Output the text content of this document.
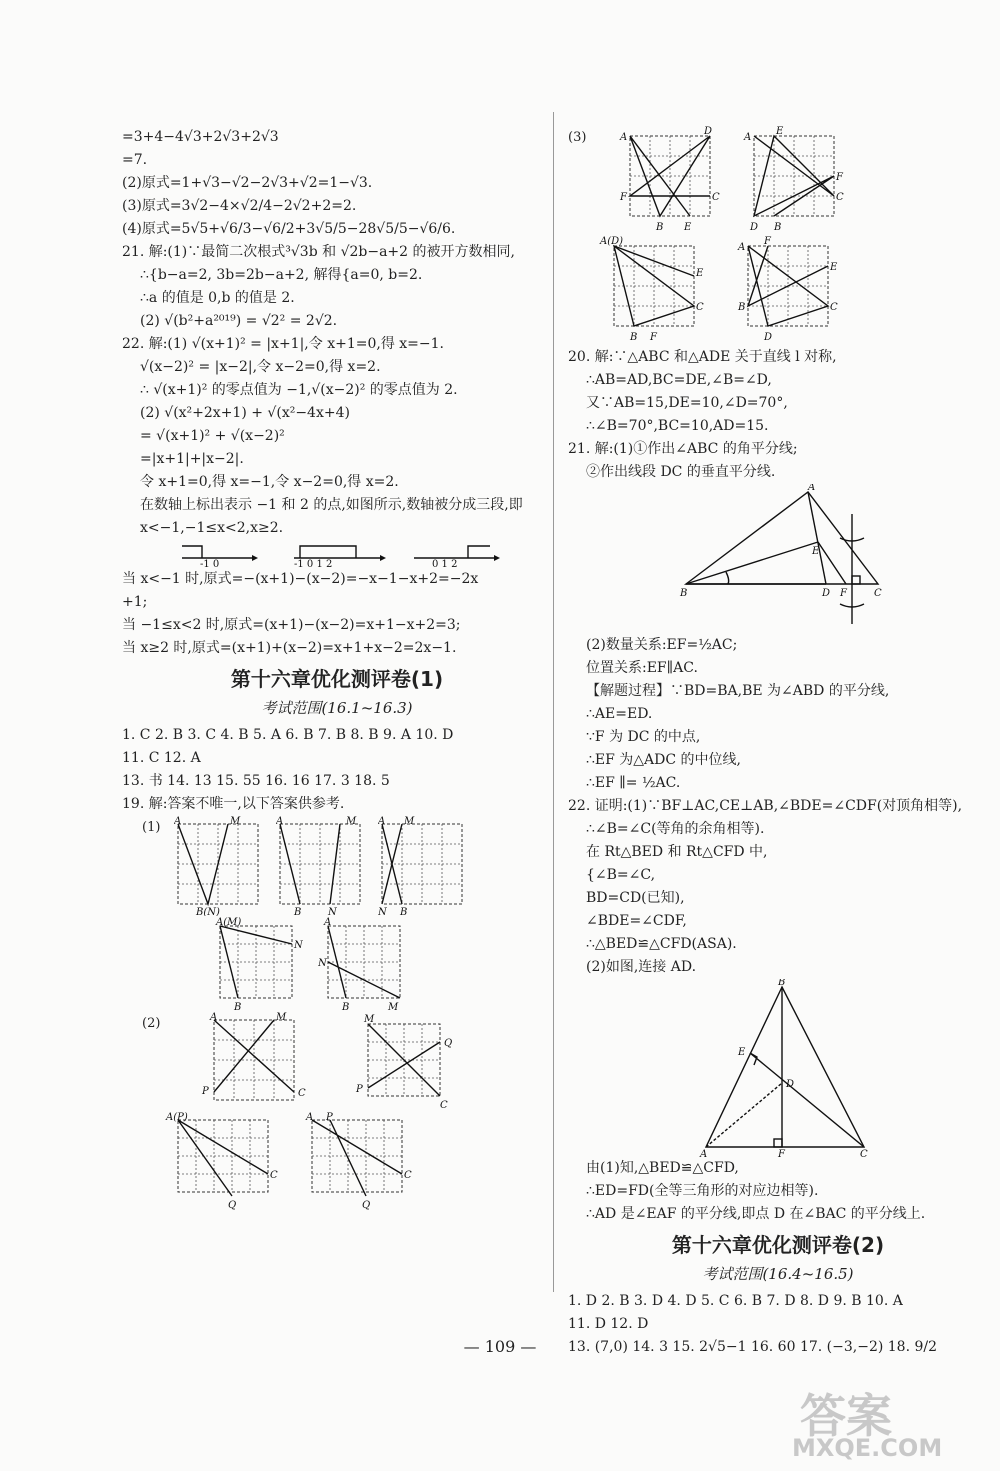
=3+4−4√3+2√3+2√3
=7.
(2)原式=1+√3−√2−2√3+√2=1−√3.
(3)原式=3√2−4×√2/4−2√2+2=2.
(4)原式=5√5+√6/3−√6/2+3√5/5−28√5/5−√6/6.
21. 解:(1)∵最简二次根式³√3b 和 √2b−a+2 的被开方数相同,
∴{b−a=2, 3b=2b−a+2, 解得{a=0, b=2.
∴a 的值是 0,b 的值是 2.
(2) √(b²+a²⁰¹⁹) = √2² = 2√2.
22. 解:(1) √(x+1)² = |x+1|,令 x+1=0,得 x=−1.
√(x−2)² = |x−2|,令 x−2=0,得 x=2.
∴ √(x+1)² 的零点值为 −1,√(x−2)² 的零点值为 2.
(2) √(x²+2x+1) + √(x²−4x+4)
= √(x+1)² + √(x−2)²
=|x+1|+|x−2|.
令 x+1=0,得 x=−1,令 x−2=0,得 x=2.
在数轴上标出表示 −1 和 2 的点,如图所示,数轴被分成三段,即
x<−1,−1≤x<2,x≥2.
-1 0	-1 0 1 2	0 1 2
当 x<−1 时,原式=−(x+1)−(x−2)=−x−1−x+2=−2x
+1;
当 −1≤x<2 时,原式=(x+1)−(x−2)=x+1−x+2=3;
当 x≥2 时,原式=(x+1)+(x−2)=x+1+x−2=2x−1.
第十六章优化测评卷(1)
考试范围(16.1~16.3)
1. C 2. B 3. C 4. B 5. A 6. B 7. B 8. B 9. A 10. D
11. C 12. A
13. 书 14. 13 15. 55 16. 16 17. 3 18. 5
19. 解:答案不唯一,以下答案供参考.
(1) A	M
B(N)
A	M
B	N
A M
N B
A(M)
N
B
A
N
B	M
(2)	A	M
P	C
M
Q
P
C
A(P)
C
Q
A P
C
Q
(3)	A
D
F	C
B E
A
E
F
C
D B
A(D)
E
C
B F
A
F
E
C
B
D
20. 解:∵△ABC 和△ADE 关于直线 l 对称,
∴AB=AD,BC=DE,∠B=∠D,
又∵AB=15,DE=10,∠D=70°,
∴∠B=70°,BC=10,AD=15.
21. 解:(1)①作出∠ABC 的角平分线;
②作出线段 DC 的垂直平分线.
A
B	D F	C
E
(2)数量关系:EF=½AC;
位置关系:EF∥AC.
【解题过程】∵BD=BA,BE 为∠ABD 的平分线,
∴AE=ED.
∵F 为 DC 的中点,
∴EF 为△ADC 的中位线,
∴EF ∥= ½AC.
22. 证明:(1)∵BF⊥AC,CE⊥AB,∠BDE=∠CDF(对顶角相等),
∴∠B=∠C(等角的余角相等).
在 Rt△BED 和 Rt△CFD 中,
{∠B=∠C,
BD=CD(已知),
∠BDE=∠CDF,
∴△BED≌△CFD(ASA).
(2)如图,连接 AD.
B
E
D
A	F	C
由(1)知,△BED≌△CFD,
∴ED=FD(全等三角形的对应边相等).
∴AD 是∠EAF 的平分线,即点 D 在∠BAC 的平分线上.
第十六章优化测评卷(2)
考试范围(16.4~16.5)
1. D 2. B 3. D 4. D 5. C 6. B 7. D 8. D 9. B 10. A
11. D 12. D
13. (7,0) 14. 3 15. 2√5−1 16. 60 17. (−3,−2) 18. 9/2
— 109 —
答案
MXQE.COM
